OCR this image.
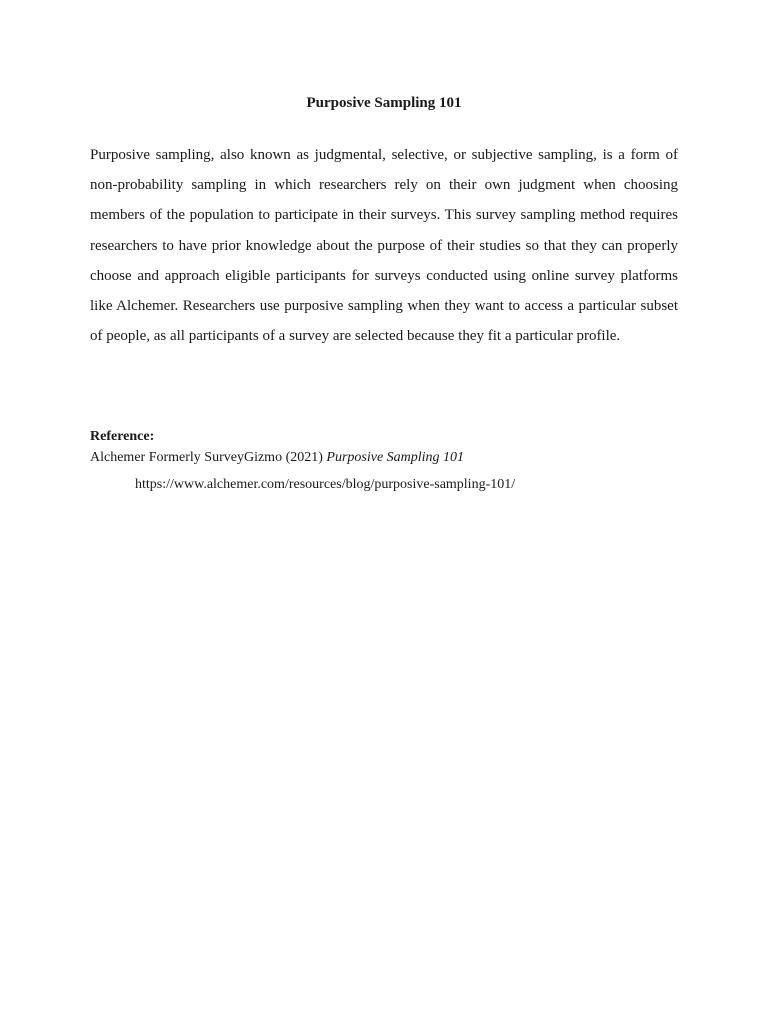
Purposive Sampling 101

Purposive sampling, also known as judgmental, selective, or subjective sampling, is a form of non-probability sampling in which researchers rely on their own judgment when choosing members of the population to participate in their surveys. This survey sampling method requires researchers to have prior knowledge about the purpose of their studies so that they can properly choose and approach eligible participants for surveys conducted using online survey platforms like Alchemer. Researchers use purposive sampling when they want to access a particular subset of people, as all participants of a survey are selected because they fit a particular profile.

Reference:

Alchemer Formerly SurveyGizmo (2021) Purposive Sampling 101

https://www.alchemer.com/resources/blog/purposive-sampling-101/
